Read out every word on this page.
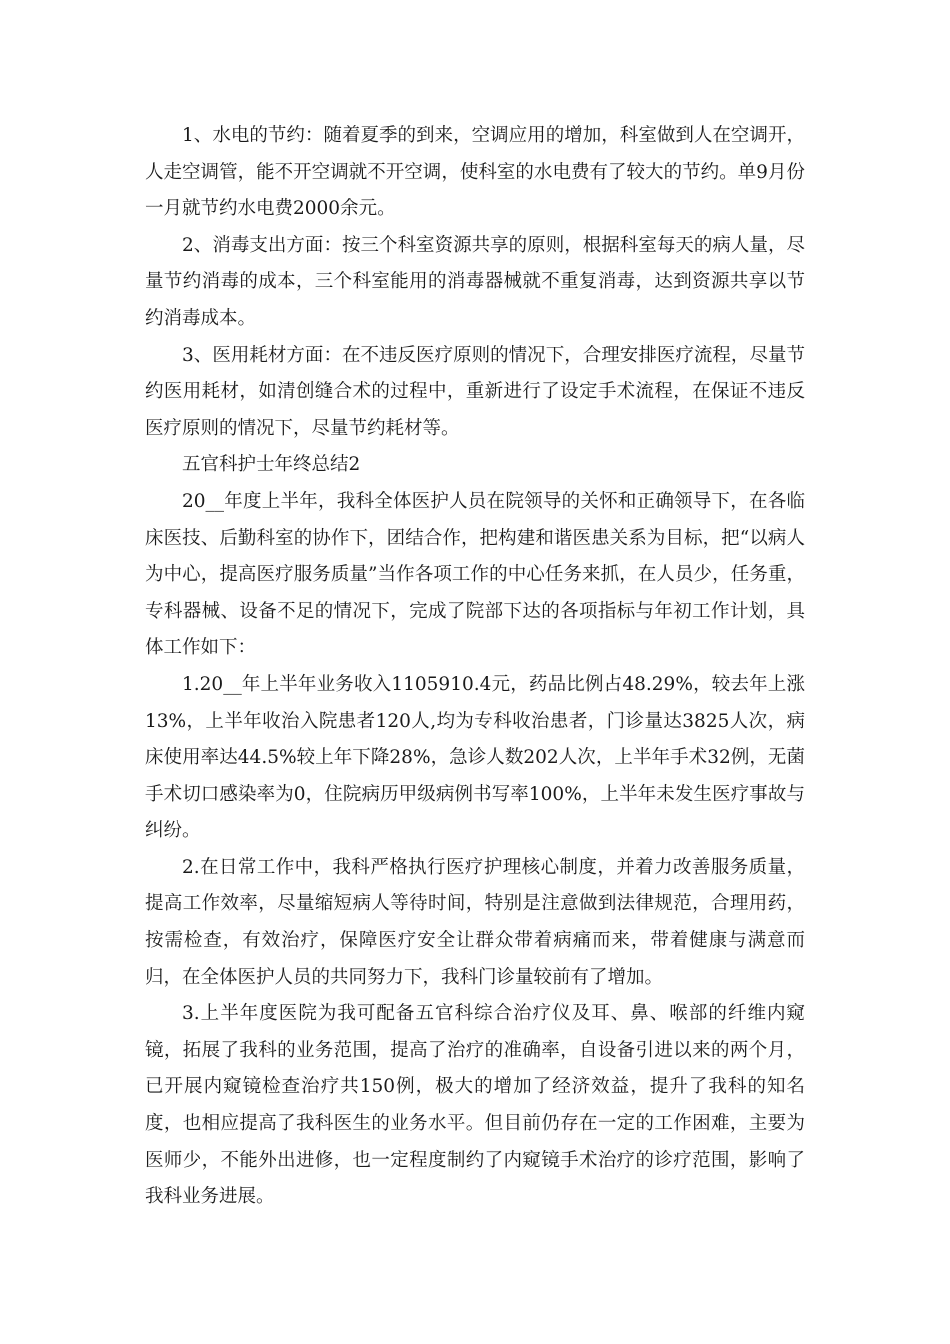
1、水电的节约：随着夏季的到来，空调应用的增加，科室做到人在空调开，人走空调管，能不开空调就不开空调，使科室的水电费有了较大的节约。单9月份一月就节约水电费2000余元。

2、消毒支出方面：按三个科室资源共享的原则，根据科室每天的病人量，尽量节约消毒的成本，三个科室能用的消毒器械就不重复消毒，达到资源共享以节约消毒成本。

3、医用耗材方面：在不违反医疗原则的情况下，合理安排医疗流程，尽量节约医用耗材，如清创缝合术的过程中，重新进行了设定手术流程，在保证不违反医疗原则的情况下，尽量节约耗材等。

五官科护士年终总结2

20__年度上半年，我科全体医护人员在院领导的关怀和正确领导下，在各临床医技、后勤科室的协作下，团结合作，把构建和谐医患关系为目标，把“以病人为中心，提高医疗服务质量”当作各项工作的中心任务来抓，在人员少，任务重，专科器械、设备不足的情况下，完成了院部下达的各项指标与年初工作计划，具体工作如下：

1.20__年上半年业务收入1105910.4元，药品比例占48.29%，较去年上涨13%，上半年收治入院患者120人,均为专科收治患者，门诊量达3825人次，病床使用率达44.5%较上年下降28%，急诊人数202人次，上半年手术32例，无菌手术切口感染率为0，住院病历甲级病例书写率100%，上半年未发生医疗事故与纠纷。

2.在日常工作中，我科严格执行医疗护理核心制度，并着力改善服务质量，提高工作效率，尽量缩短病人等待时间，特别是注意做到法律规范，合理用药，按需检查，有效治疗，保障医疗安全让群众带着病痛而来，带着健康与满意而归，在全体医护人员的共同努力下，我科门诊量较前有了增加。

3.上半年度医院为我可配备五官科综合治疗仪及耳、鼻、喉部的纤维内窥镜，拓展了我科的业务范围，提高了治疗的准确率，自设备引进以来的两个月，已开展内窥镜检查治疗共150例，极大的增加了经济效益，提升了我科的知名度，也相应提高了我科医生的业务水平。但目前仍存在一定的工作困难，主要为医师少，不能外出进修，也一定程度制约了内窥镜手术治疗的诊疗范围，影响了我科业务进展。
